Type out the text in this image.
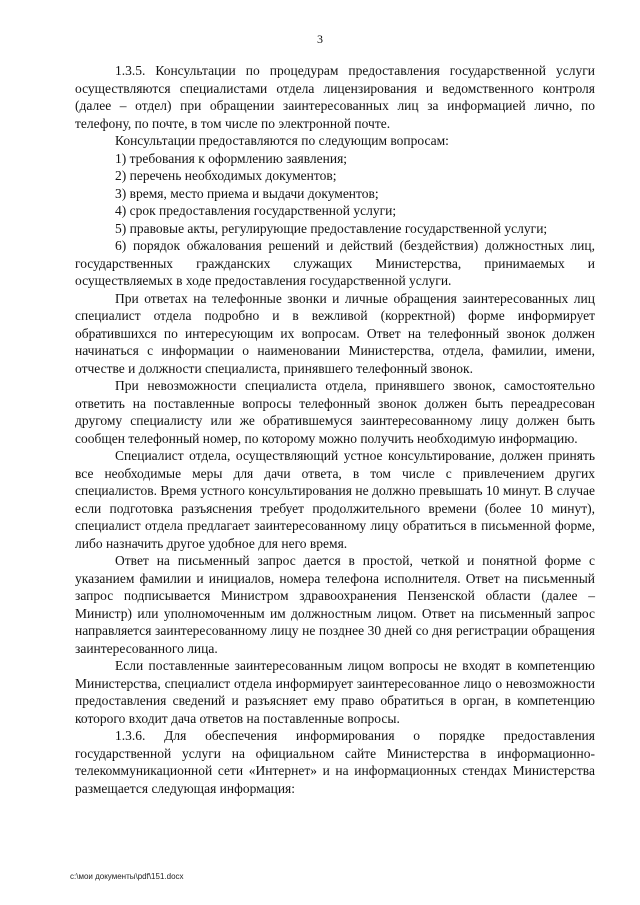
3

1.3.5. Консультации по процедурам предоставления государственной услуги осуществляются специалистами отдела лицензирования и ведомственного контроля (далее – отдел) при обращении заинтересованных лиц за информацией лично, по телефону, по почте, в том числе по электронной почте.

Консультации предоставляются по следующим вопросам:

1) требования к оформлению заявления;

2) перечень необходимых документов;

3) время, место приема и выдачи документов;

4) срок предоставления государственной услуги;

5) правовые акты, регулирующие предоставление государственной услуги;

6) порядок обжалования решений и действий (бездействия) должностных лиц, государственных гражданских служащих Министерства, принимаемых и осуществляемых в ходе предоставления государственной услуги.

При ответах на телефонные звонки и личные обращения заинтересованных лиц специалист отдела подробно и в вежливой (корректной) форме информирует обратившихся по интересующим их вопросам. Ответ на телефонный звонок должен начинаться с информации о наименовании Министерства, отдела, фамилии, имени, отчестве и должности специалиста, принявшего телефонный звонок.

При невозможности специалиста отдела, принявшего звонок, самостоятельно ответить на поставленные вопросы телефонный звонок должен быть переадресован другому специалисту или же обратившемуся заинтересованному лицу должен быть сообщен телефонный номер, по которому можно получить необходимую информацию.

Специалист отдела, осуществляющий устное консультирование, должен принять все необходимые меры для дачи ответа, в том числе с привлечением других специалистов. Время устного консультирования не должно превышать 10 минут. В случае если подготовка разъяснения требует продолжительного времени (более 10 минут), специалист отдела предлагает заинтересованному лицу обратиться в письменной форме, либо назначить другое удобное для него время.

Ответ на письменный запрос дается в простой, четкой и понятной форме с указанием фамилии и инициалов, номера телефона исполнителя. Ответ на письменный запрос подписывается Министром здравоохранения Пензенской области (далее – Министр) или уполномоченным им должностным лицом. Ответ на письменный запрос направляется заинтересованному лицу не позднее 30 дней со дня регистрации обращения заинтересованного лица.

Если поставленные заинтересованным лицом вопросы не входят в компетенцию Министерства, специалист отдела информирует заинтересованное лицо о невозможности предоставления сведений и разъясняет ему право обратиться в орган, в компетенцию которого входит дача ответов на поставленные вопросы.

1.3.6. Для обеспечения информирования о порядке предоставления государственной услуги на официальном сайте Министерства в информационно-телекоммуникационной сети «Интернет» и на информационных стендах Министерства размещается следующая информация:

c:\мои документы\pdf\151.docx
